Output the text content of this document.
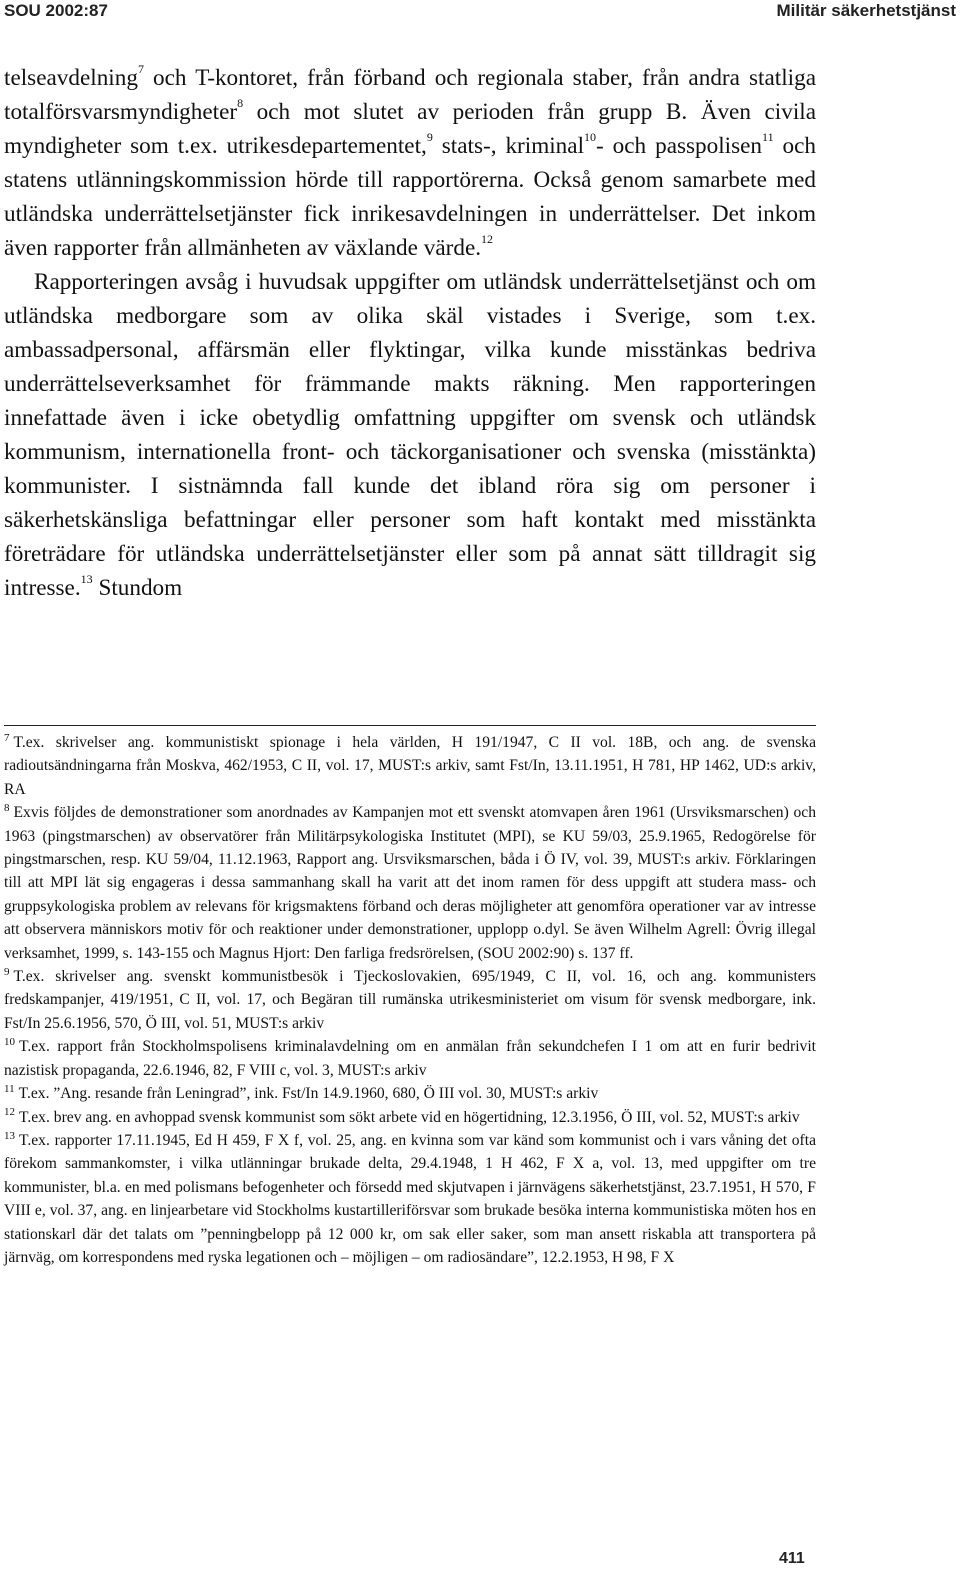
SOU 2002:87	Militär säkerhetstjänst

telseavdelning$^7$ och T-kontoret, från förband och regionala staber, från andra statliga totalförsvarsmyndigheter$^8$ och mot slutet av perioden från grupp B. Även civila myndigheter som t.ex. utrikesdepartementet,$^9$ stats-, kriminal$^{10}$- och passpolisen$^{11}$ och statens utlänningskommission hörde till rapportörerna. Också genom samarbete med utländska underrättelsetjänster fick inrikesavdelningen in underrättelser. Det inkom även rapporter från allmänheten av växlande värde.$^{12}$

Rapporteringen avsåg i huvudsak uppgifter om utländsk underrättelsetjänst och om utländska medborgare som av olika skäl vistades i Sverige, som t.ex. ambassadpersonal, affärsmän eller flyktingar, vilka kunde misstänkas bedriva underrättelseverksamhet för främmande makts räkning. Men rapporteringen innefattade även i icke obetydlig omfattning uppgifter om svensk och utländsk kommunism, internationella front- och täckorganisationer och svenska (misstänkta) kommunister. I sistnämnda fall kunde det ibland röra sig om personer i säkerhetskänsliga befattningar eller personer som haft kontakt med misstänkta företrädare för utländska underrättelsetjänster eller som på annat sätt tilldragit sig intresse.$^{13}$ Stundom

$^7$ T.ex. skrivelser ang. kommunistiskt spionage i hela världen, H 191/1947, C II vol. 18B, och ang. de svenska radioutsändningarna från Moskva, 462/1953, C II, vol. 17, MUST:s arkiv, samt Fst/In, 13.11.1951, H 781, HP 1462, UD:s arkiv, RA

$^8$ Exvis följdes de demonstrationer som anordnades av Kampanjen mot ett svenskt atomvapen åren 1961 (Ursviksmarschen) och 1963 (pingstmarschen) av observatörer från Militärpsykologiska Institutet (MPI), se KU 59/03, 25.9.1965, Redogörelse för pingstmarschen, resp. KU 59/04, 11.12.1963, Rapport ang. Ursviksmarschen, båda i Ö IV, vol. 39, MUST:s arkiv. Förklaringen till att MPI lät sig engageras i dessa sammanhang skall ha varit att det inom ramen för dess uppgift att studera mass- och gruppsykologiska problem av relevans för krigsmaktens förband och deras möjligheter att genomföra operationer var av intresse att observera människors motiv för och reaktioner under demonstrationer, upplopp o.dyl. Se även Wilhelm Agrell: Övrig illegal verksamhet, 1999, s. 143-155 och Magnus Hjort: Den farliga fredsrörelsen, (SOU 2002:90) s. 137 ff.

$^9$ T.ex. skrivelser ang. svenskt kommunistbesök i Tjeckoslovakien, 695/1949, C II, vol. 16, och ang. kommunisters fredskampanjer, 419/1951, C II, vol. 17, och Begäran till rumänska utrikesministeriet om visum för svensk medborgare, ink. Fst/In 25.6.1956, 570, Ö III, vol. 51, MUST:s arkiv

$^{10}$ T.ex. rapport från Stockholmspolisens kriminalavdelning om en anmälan från sekundchefen I 1 om att en furir bedrivit nazistisk propaganda, 22.6.1946, 82, F VIII c, vol. 3, MUST:s arkiv

$^{11}$ T.ex. ”Ang. resande från Leningrad”, ink. Fst/In 14.9.1960, 680, Ö III vol. 30, MUST:s arkiv

$^{12}$ T.ex. brev ang. en avhoppad svensk kommunist som sökt arbete vid en högertidning, 12.3.1956, Ö III, vol. 52, MUST:s arkiv

$^{13}$ T.ex. rapporter 17.11.1945, Ed H 459, F X f, vol. 25, ang. en kvinna som var känd som kommunist och i vars våning det ofta förekom sammankomster, i vilka utlänningar brukade delta, 29.4.1948, 1 H 462, F X a, vol. 13, med uppgifter om tre kommunister, bl.a. en med polismans befogenheter och försedd med skjutvapen i järnvägens säkerhetstjänst, 23.7.1951, H 570, F VIII e, vol. 37, ang. en linjearbetare vid Stockholms kustartilleriförsvar som brukade besöka interna kommunistiska möten hos en stationskarl där det talats om ”penningbelopp på 12 000 kr, om sak eller saker, som man ansett riskabla att transportera på järnväg, om korrespondens med ryska legationen och – möjligen – om radiosändare”, 12.2.1953, H 98, F X

411
